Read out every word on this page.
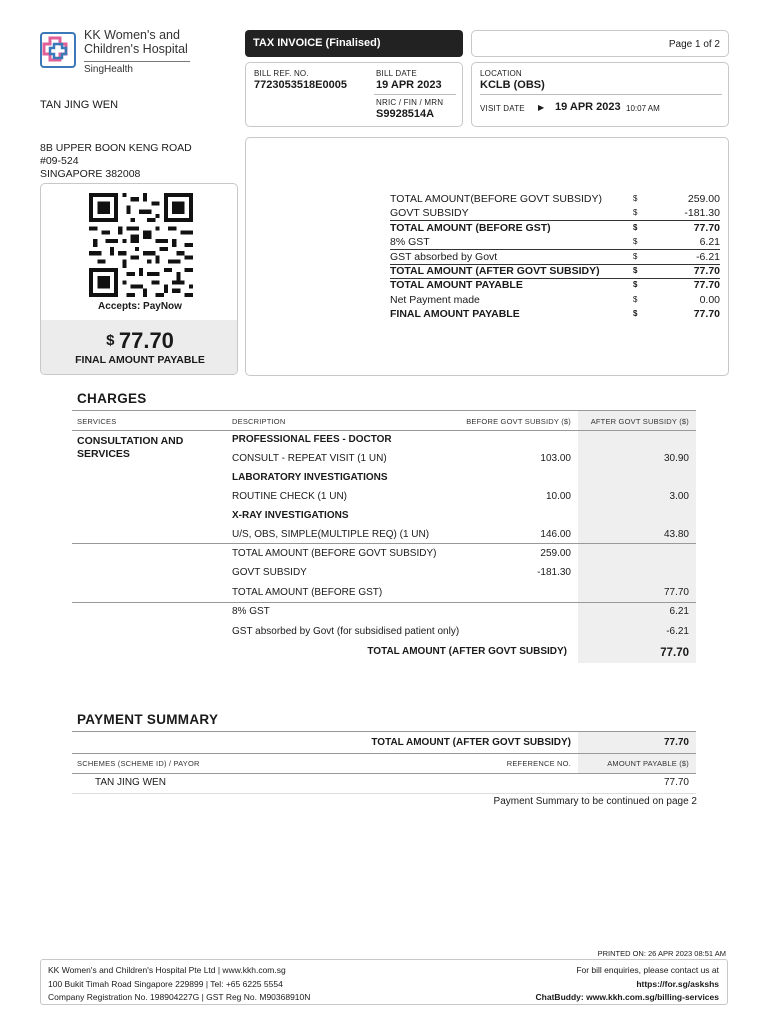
KK Women's and Children's Hospital
SingHealth
TAX INVOICE (Finalised)	Page 1 of 2
BILL REF. NO.
7723053518E0005
BILL DATE
19 APR 2023
NRIC / FIN / MRN
S9928514A
LOCATION
KCLB (OBS)
VISIT DATE ▶ 19 APR 2023 10:07 AM
TAN JING WEN
8B UPPER BOON KENG ROAD
#09-524
SINGAPORE 382008
Accepts: PayNow
$ 77.70
FINAL AMOUNT PAYABLE
TOTAL AMOUNT(BEFORE GOVT SUBSIDY)	$	259.00
GOVT SUBSIDY	$	-181.30
TOTAL AMOUNT (BEFORE GST)	$	77.70
8% GST	$	6.21
GST absorbed by Govt	$	-6.21
TOTAL AMOUNT (AFTER GOVT SUBSIDY)	$	77.70
TOTAL AMOUNT PAYABLE	$	77.70
Net Payment made	$	0.00
FINAL AMOUNT PAYABLE	$	77.70
CHARGES
SERVICES	DESCRIPTION	BEFORE GOVT SUBSIDY ($)	AFTER GOVT SUBSIDY ($)
CONSULTATION AND SERVICES
PROFESSIONAL FEES - DOCTOR
CONSULT - REPEAT VISIT (1 UN)	103.00	30.90
LABORATORY INVESTIGATIONS
ROUTINE CHECK (1 UN)	10.00	3.00
X-RAY INVESTIGATIONS
U/S, OBS, SIMPLE(MULTIPLE REQ) (1 UN)	146.00	43.80
TOTAL AMOUNT (BEFORE GOVT SUBSIDY)	259.00
GOVT SUBSIDY	-181.30
TOTAL AMOUNT (BEFORE GST)	77.70
8% GST	6.21
GST absorbed by Govt (for subsidised patient only)	-6.21
TOTAL AMOUNT (AFTER GOVT SUBSIDY)	77.70
PAYMENT SUMMARY
TOTAL AMOUNT (AFTER GOVT SUBSIDY)	77.70
SCHEMES (SCHEME ID) / PAYOR	REFERENCE NO.	AMOUNT PAYABLE ($)
TAN JING WEN	77.70
Payment Summary to be continued on page 2
PRINTED ON: 26 APR 2023 08:51 AM
KK Women's and Children's Hospital Pte Ltd | www.kkh.com.sg
100 Bukit Timah Road Singapore 229899 | Tel: +65 6225 5554
Company Registration No. 198904227G | GST Reg No. M90368910N
For bill enquiries, please contact us at
https://for.sg/askshs
ChatBuddy: www.kkh.com.sg/billing-services
